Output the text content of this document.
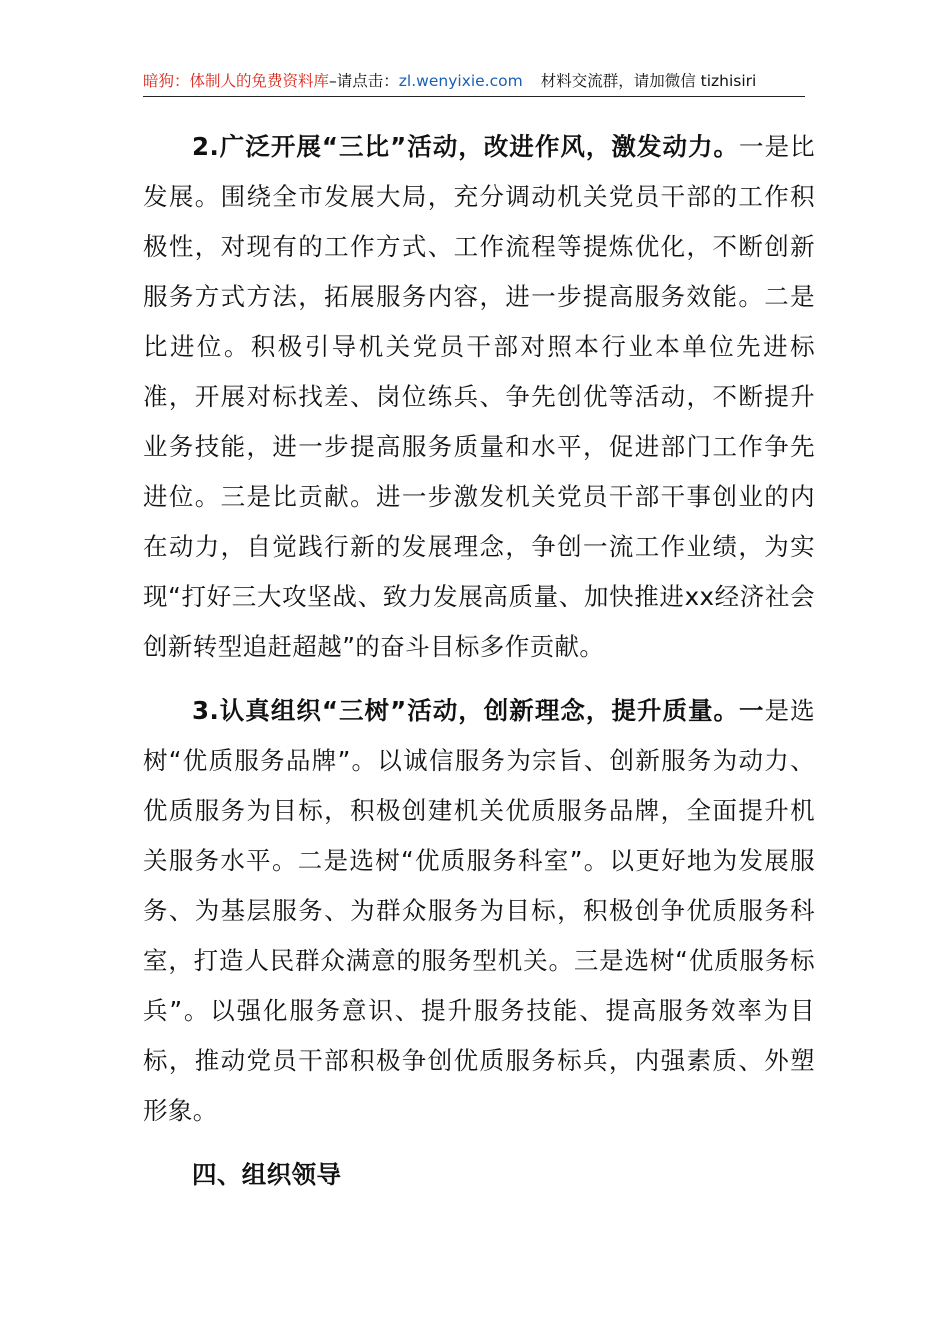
暗狗：体制人的免费资料库–请点击：zl.wenyixie.com 材料交流群，请加微信 tizhisiri

2.广泛开展“三比”活动，改进作风，激发动力。一是比发展。围绕全市发展大局，充分调动机关党员干部的工作积极性，对现有的工作方式、工作流程等提炼优化，不断创新服务方式方法，拓展服务内容，进一步提高服务效能。二是比进位。积极引导机关党员干部对照本行业本单位先进标准，开展对标找差、岗位练兵、争先创优等活动，不断提升业务技能，进一步提高服务质量和水平，促进部门工作争先进位。三是比贡献。进一步激发机关党员干部干事创业的内在动力，自觉践行新的发展理念，争创一流工作业绩，为实现“打好三大攻坚战、致力发展高质量、加快推进xx经济社会创新转型追赶超越”的奋斗目标多作贡献。

3.认真组织“三树”活动，创新理念，提升质量。一是选树“优质服务品牌”。以诚信服务为宗旨、创新服务为动力、优质服务为目标，积极创建机关优质服务品牌，全面提升机关服务水平。二是选树“优质服务科室”。以更好地为发展服务、为基层服务、为群众服务为目标，积极创争优质服务科室，打造人民群众满意的服务型机关。三是选树“优质服务标兵”。以强化服务意识、提升服务技能、提高服务效率为目标，推动党员干部积极争创优质服务标兵，内强素质、外塑形象。

四、组织领导
